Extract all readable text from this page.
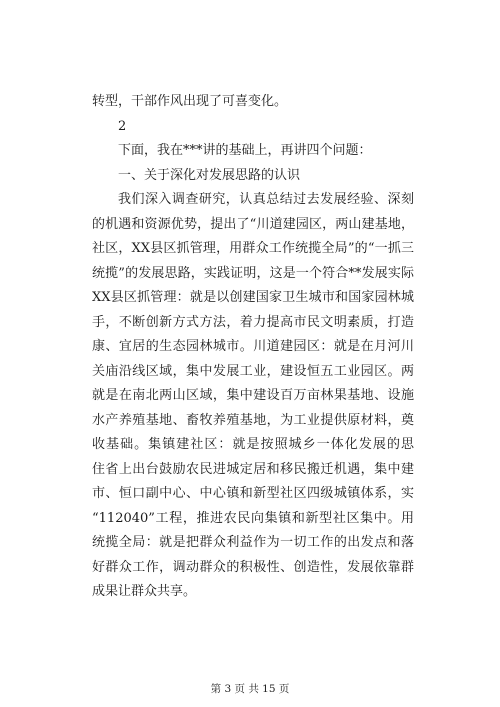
转型，干部作风出现了可喜变化。

2

下面，我在***讲的基础上，再讲四个问题：

一、关于深化对发展思路的认识

我们深入调查研究，认真总结过去发展经验、深刻

的机遇和资源优势，提出了“川道建园区，两山建基地，

社区，XX县区抓管理，用群众工作统揽全局”的“一抓三

统揽”的发展思路，实践证明，这是一个符合**发展实际

XX县区抓管理：就是以创建国家卫生城市和国家园林城

手，不断创新方式方法，着力提高市民文明素质，打造

康、宜居的生态园林城市。川道建园区：就是在月河川

关庙沿线区域，集中发展工业，建设恒五工业园区。两

就是在南北两山区域，集中建设百万亩林果基地、设施

水产养殖基地、畜牧养殖基地，为工业提供原材料，奠

收基础。集镇建社区：就是按照城乡一体化发展的思

住省上出台鼓励农民进城定居和移民搬迁机遇，集中建

市、恒口副中心、中心镇和新型社区四级城镇体系，实

“112040”工程，推进农民向集镇和新型社区集中。用

统揽全局：就是把群众利益作为一切工作的出发点和落

好群众工作，调动群众的积极性、创造性，发展依靠群

成果让群众共享。

第 3 页 共 15 页
